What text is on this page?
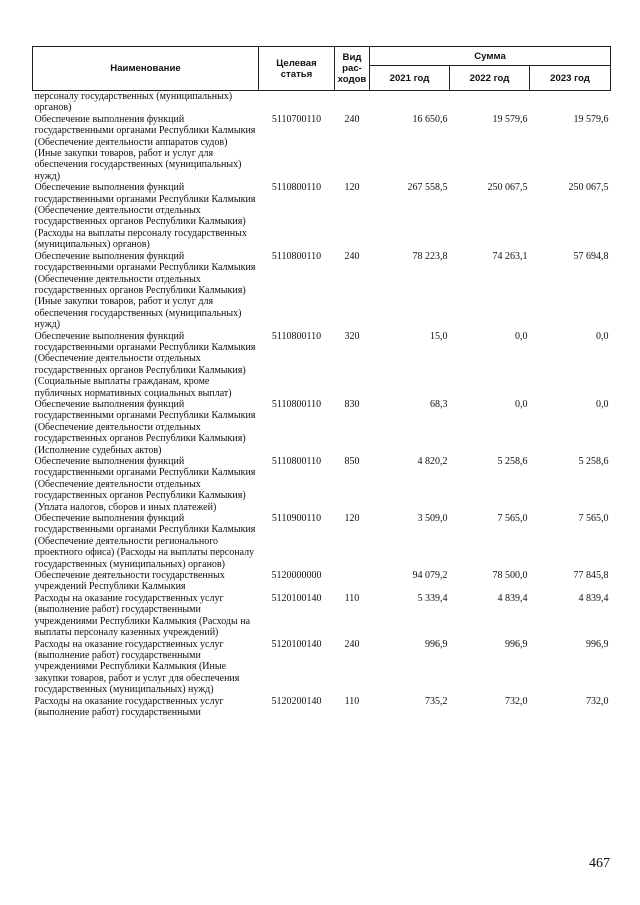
Наименование	Целевая статья	Вид рас-ходов	Сумма		
			2021 год	2022 год	2023 год
персоналу государственных (муниципальных) органов)					
Обеспечение выполнения функций государственными органами Республики Калмыкия (Обеспечение деятельности аппаратов судов) (Иные закупки товаров, работ и услуг для обеспечения государственных (муниципальных) нужд)	5110700110	240	16 650,6	19 579,6	19 579,6
Обеспечение выполнения функций государственными органами Республики Калмыкия (Обеспечение деятельности отдельных государственных органов Республики Калмыкия) (Расходы на выплаты персоналу государственных (муниципальных) органов)	5110800110	120	267 558,5	250 067,5	250 067,5
Обеспечение выполнения функций государственными органами Республики Калмыкия (Обеспечение деятельности отдельных государственных органов Республики Калмыкия) (Иные закупки товаров, работ и услуг для обеспечения государственных (муниципальных) нужд)	5110800110	240	78 223,8	74 263,1	57 694,8
Обеспечение выполнения функций государственными органами Республики Калмыкия (Обеспечение деятельности отдельных государственных органов Республики Калмыкия) (Социальные выплаты гражданам, кроме публичных нормативных социальных выплат)	5110800110	320	15,0	0,0	0,0
Обеспечение выполнения функций государственными органами Республики Калмыкия (Обеспечение деятельности отдельных государственных органов Республики Калмыкия) (Исполнение судебных актов)	5110800110	830	68,3	0,0	0,0
Обеспечение выполнения функций государственными органами Республики Калмыкия (Обеспечение деятельности отдельных государственных органов Республики Калмыкия) (Уплата налогов, сборов и иных платежей)	5110800110	850	4 820,2	5 258,6	5 258,6
Обеспечение выполнения функций государственными органами Республики Калмыкия (Обеспечение деятельности регионального проектного офиса) (Расходы на выплаты персоналу государственных (муниципальных) органов)	5110900110	120	3 509,0	7 565,0	7 565,0
Обеспечение деятельности государственных учреждений Республики Калмыкия	5120000000		94 079,2	78 500,0	77 845,8
Расходы на оказание государственных услуг (выполнение работ) государственными учреждениями Республики Калмыкия (Расходы на выплаты персоналу казенных учреждений)	5120100140	110	5 339,4	4 839,4	4 839,4
Расходы на оказание государственных услуг (выполнение работ) государственными учреждениями Республики Калмыкия (Иные закупки товаров, работ и услуг для обеспечения государственных (муниципальных) нужд)	5120100140	240	996,9	996,9	996,9
Расходы на оказание государственных услуг (выполнение работ) государственными	5120200140	110	735,2	732,0	732,0
467
